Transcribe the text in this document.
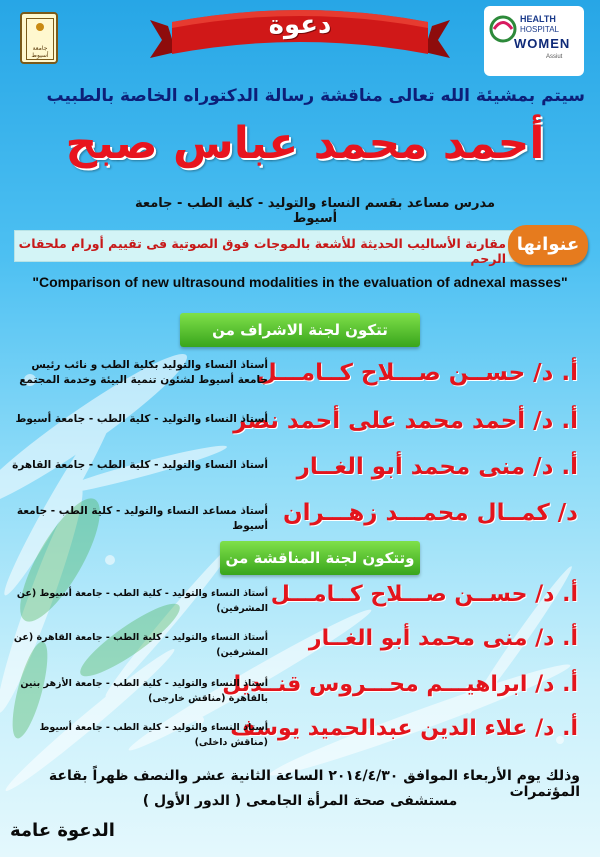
جامعة أسيوط
HEALTH
HOSPITAL
WOMEN
Assiut
دعوة
سيتم بمشيئة الله تعالى مناقشة رسالة الدكتوراه الخاصة بالطبيب
أحمد محمد عباس صبح
مدرس مساعد بقسم النساء والتوليد - كلية الطب - جامعة أسيوط
مقارنة الأساليب الحديثة للأشعة بالموجات فوق الصوتية فى تقييم أورام ملحقات الرحم
عنوانها
"Comparison of new ultrasound modalities in the evaluation of adnexal masses"
تتكون لجنة الاشراف من
أ. د/ حســن صـــلاح كــامـــل
أستاذ النساء والتوليد بكلية الطب و نائب رئيس جامعة أسيوط لشئون تنمية البيئة وخدمة المجتمع
أ. د/ أحمد محمد على أحمد نصر
أستاذ النساء والتوليد - كلية الطب - جامعة أسيوط
أ. د/ منى محمد أبو الغــار
أستاذ النساء والتوليد - كلية الطب - جامعة القاهرة
د/ كمــال محمـــد زهـــران
أستاذ مساعد النساء والتوليد - كلية الطب - جامعة أسيوط
وتتكون لجنة المناقشة من
أ. د/ حســن صـــلاح كــامـــل
أستاذ النساء والتوليد - كلية الطب - جامعة أسيوط (عن المشرفين)
أ. د/ منى محمد أبو الغــار
أستاذ النساء والتوليد - كلية الطب - جامعة القاهرة (عن المشرفين)
أ. د/ ابراهيـــم محـــروس قنــديل
أستاذ النساء والتوليد - كلية الطب - جامعة الأزهر بنين بالقاهرة (مناقش خارجى)
أ. د/ علاء الدين عبدالحميد يوسف
أستاذ النساء والتوليد - كلية الطب - جامعة أسيوط (مناقش داخلى)
وذلك يوم الأربعاء الموافق ٢٠١٤/٤/٣٠ الساعة الثانية عشر والنصف ظهراً بقاعة المؤتمرات
مستشفى صحة المرأة الجامعى ( الدور الأول )
الدعوة عامة
